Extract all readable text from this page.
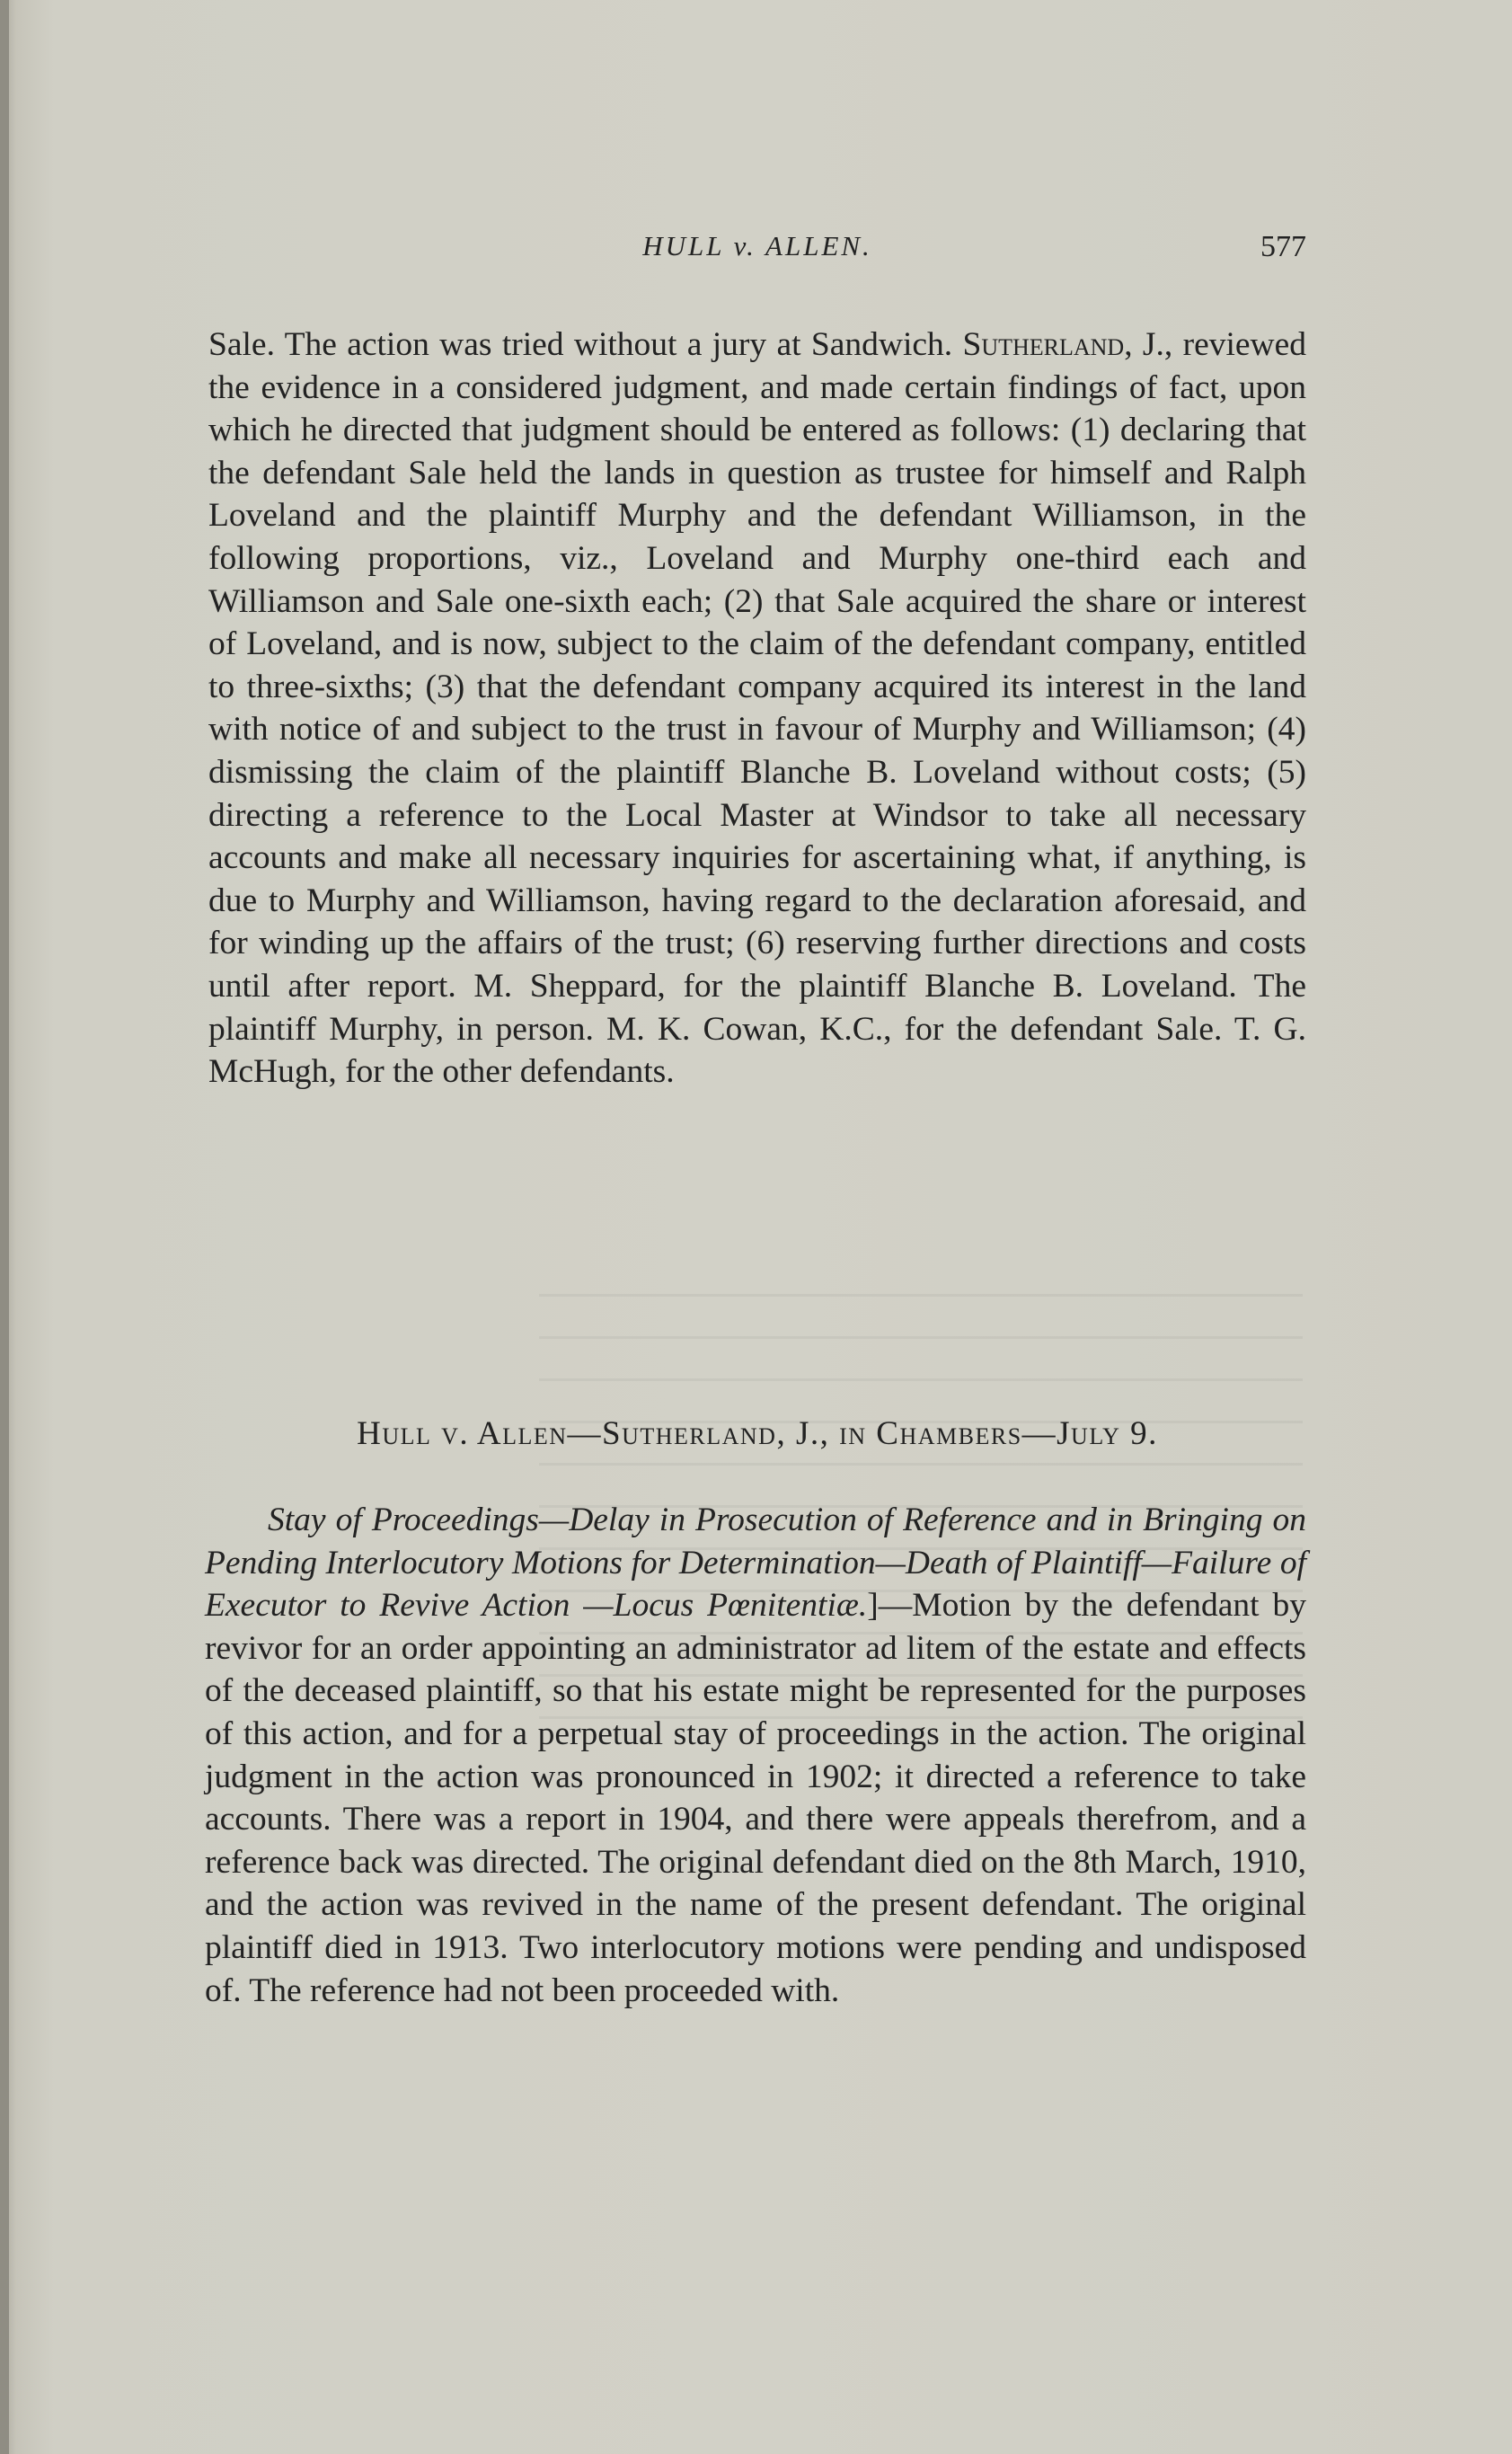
HULL v. ALLEN.	577

Sale. The action was tried without a jury at Sandwich. Sutherland, J., reviewed the evidence in a considered judgment, and made certain findings of fact, upon which he directed that judgment should be entered as follows: (1) declaring that the defendant Sale held the lands in question as trustee for himself and Ralph Loveland and the plaintiff Murphy and the defendant Williamson, in the following proportions, viz., Loveland and Murphy one-third each and Williamson and Sale one-sixth each; (2) that Sale acquired the share or interest of Loveland, and is now, subject to the claim of the defendant company, entitled to three-sixths; (3) that the defendant company acquired its interest in the land with notice of and subject to the trust in favour of Murphy and Williamson; (4) dismissing the claim of the plaintiff Blanche B. Loveland without costs; (5) directing a reference to the Local Master at Windsor to take all necessary accounts and make all necessary inquiries for ascertaining what, if anything, is due to Murphy and Williamson, having regard to the declaration aforesaid, and for winding up the affairs of the trust; (6) reserving further directions and costs until after report. M. Sheppard, for the plaintiff Blanche B. Loveland. The plaintiff Murphy, in person. M. K. Cowan, K.C., for the defendant Sale. T. G. McHugh, for the other defendants.

Hull v. Allen—Sutherland, J., in Chambers—July 9.

Stay of Proceedings—Delay in Prosecution of Reference and in Bringing on Pending Interlocutory Motions for Determination—Death of Plaintiff—Failure of Executor to Revive Action —Locus Pœnitentiæ.]—Motion by the defendant by revivor for an order appointing an administrator ad litem of the estate and effects of the deceased plaintiff, so that his estate might be represented for the purposes of this action, and for a perpetual stay of proceedings in the action. The original judgment in the action was pronounced in 1902; it directed a reference to take accounts. There was a report in 1904, and there were appeals therefrom, and a reference back was directed. The original defendant died on the 8th March, 1910, and the action was revived in the name of the present defendant. The original plaintiff died in 1913. Two interlocutory motions were pending and undisposed of. The reference had not been proceeded with.
